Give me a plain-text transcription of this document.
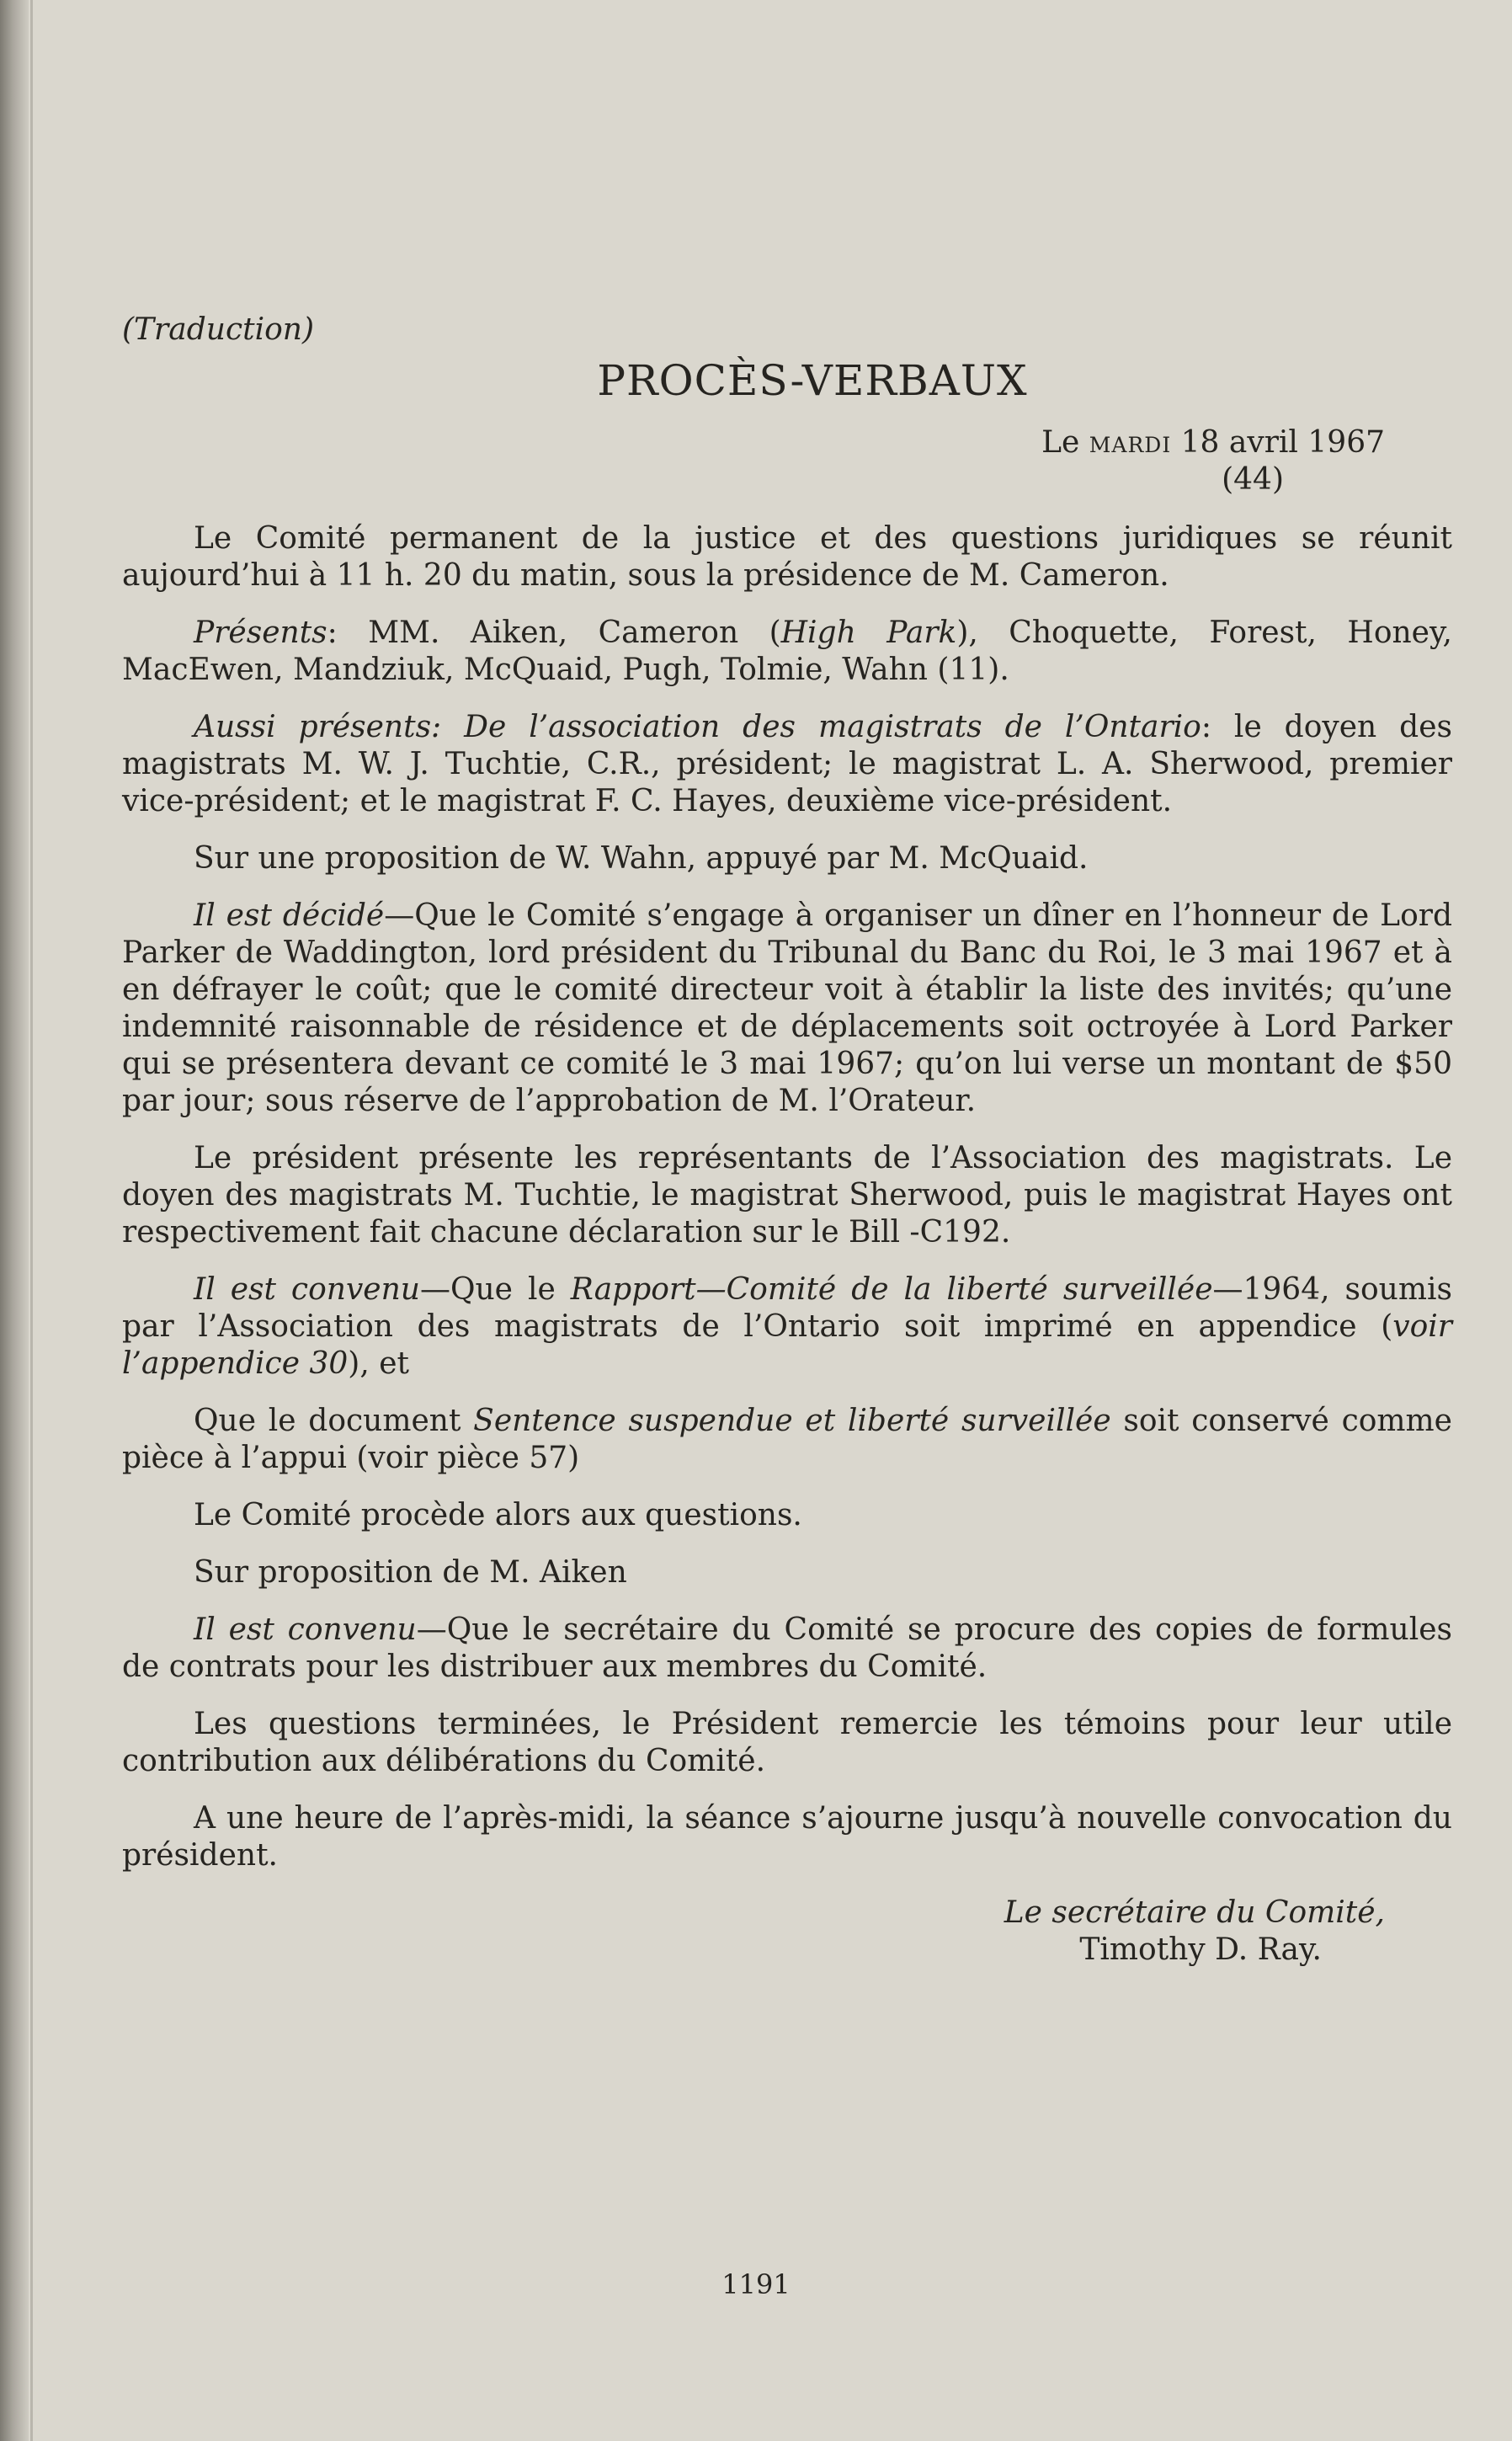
(Traduction)

PROCÈS-VERBAUX

Le mardi 18 avril 1967

(44)

Le Comité permanent de la justice et des questions juridiques se réunit aujourd’hui à 11 h. 20 du matin, sous la présidence de M. Cameron.

Présents: MM. Aiken, Cameron (High Park), Choquette, Forest, Honey, MacEwen, Mandziuk, McQuaid, Pugh, Tolmie, Wahn (11).

Aussi présents: De l’association des magistrats de l’Ontario: le doyen des magistrats M. W. J. Tuchtie, C.R., président; le magistrat L. A. Sherwood, premier vice-président; et le magistrat F. C. Hayes, deuxième vice-président.

Sur une proposition de W. Wahn, appuyé par M. McQuaid.

Il est décidé—Que le Comité s’engage à organiser un dîner en l’honneur de Lord Parker de Waddington, lord président du Tribunal du Banc du Roi, le 3 mai 1967 et à en défrayer le coût; que le comité directeur voit à établir la liste des invités; qu’une indemnité raisonnable de résidence et de déplacements soit octroyée à Lord Parker qui se présentera devant ce comité le 3 mai 1967; qu’on lui verse un montant de $50 par jour; sous réserve de l’approbation de M. l’Orateur.

Le président présente les représentants de l’Association des magistrats. Le doyen des magistrats M. Tuchtie, le magistrat Sherwood, puis le magistrat Hayes ont respectivement fait chacune déclaration sur le Bill -C192.

Il est convenu—Que le Rapport—Comité de la liberté surveillée—1964, soumis par l’Association des magistrats de l’Ontario soit imprimé en appendice (voir l’appendice 30), et

Que le document Sentence suspendue et liberté surveillée soit conservé comme pièce à l’appui (voir pièce 57)

Le Comité procède alors aux questions.

Sur proposition de M. Aiken

Il est convenu—Que le secrétaire du Comité se procure des copies de formules de contrats pour les distribuer aux membres du Comité.

Les questions terminées, le Président remercie les témoins pour leur utile contribution aux délibérations du Comité.

A une heure de l’après-midi, la séance s’ajourne jusqu’à nouvelle convocation du président.

Le secrétaire du Comité,

Timothy D. Ray.

1191
